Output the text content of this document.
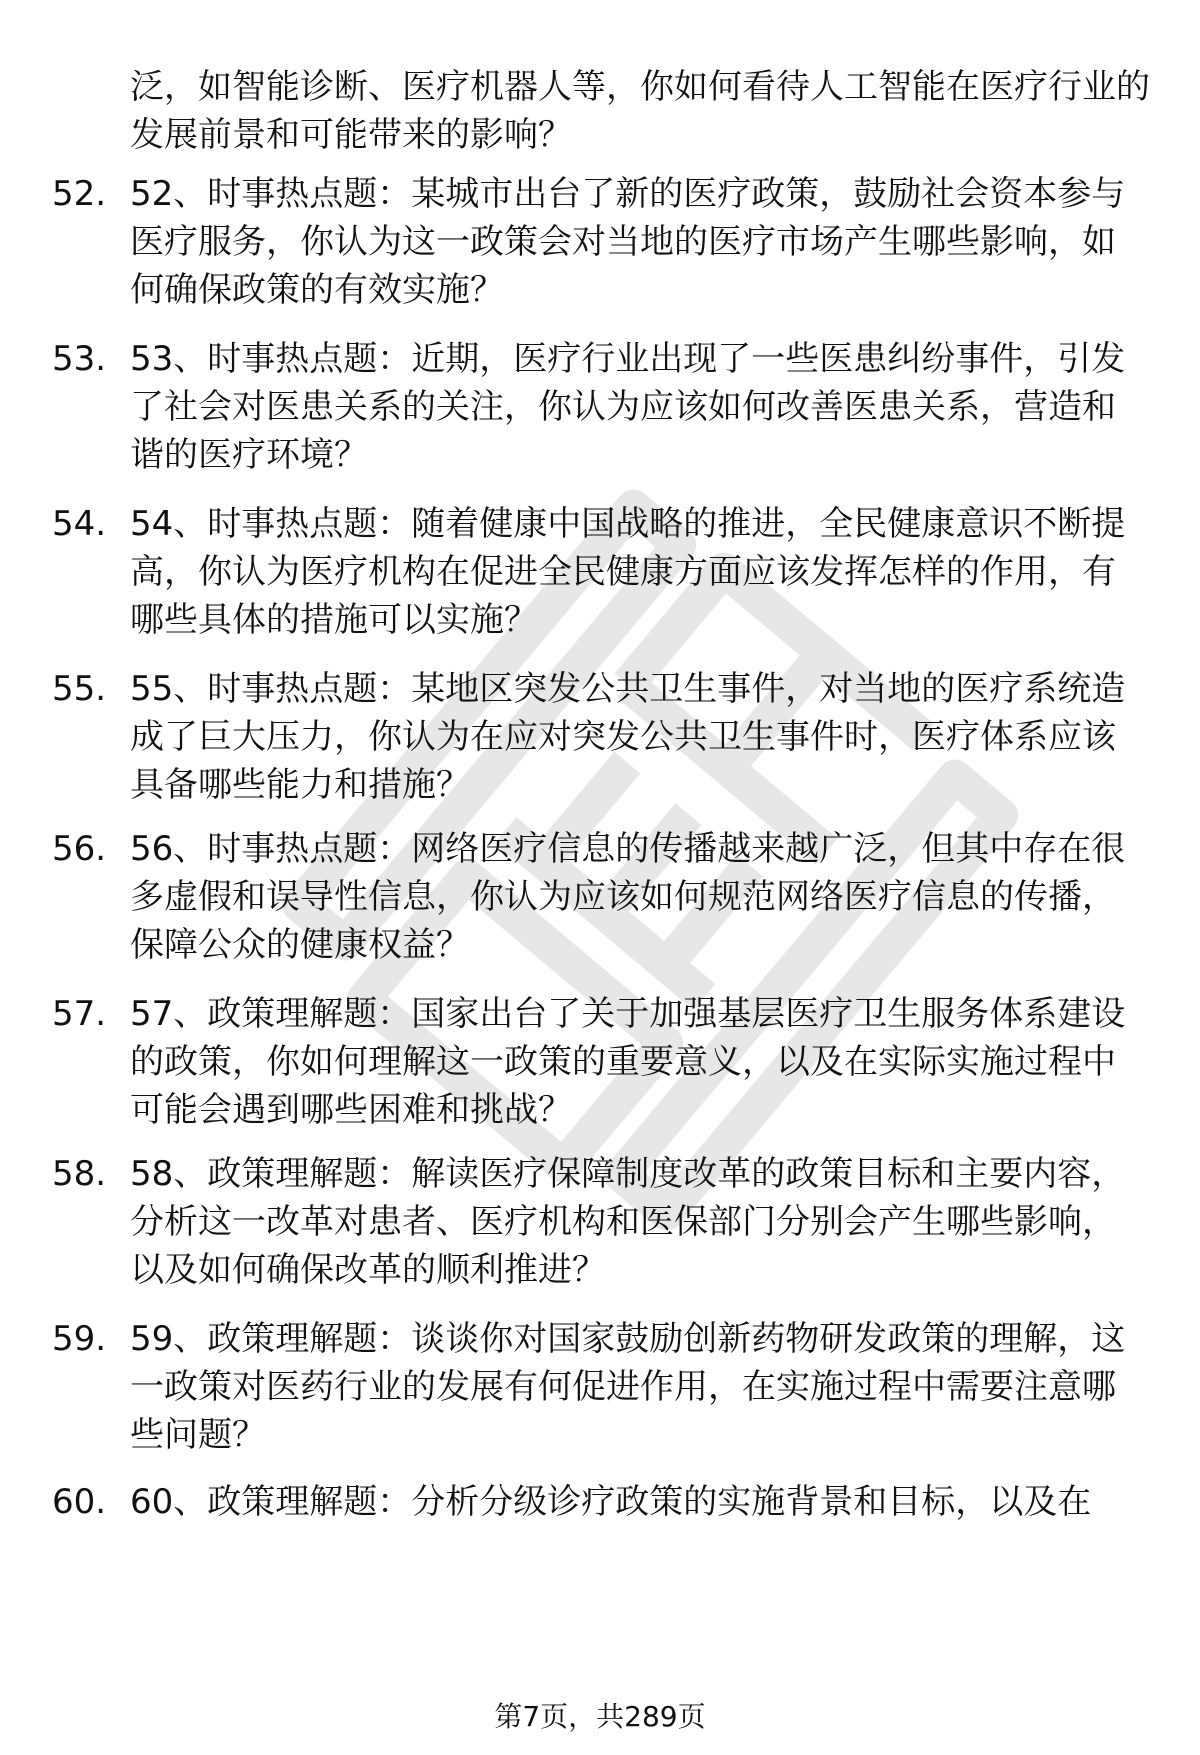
泛，如智能诊断、医疗机器人等，你如何看待人工智能在医疗行业的发展前景和可能带来的影响？

52. 52、时事热点题：某城市出台了新的医疗政策，鼓励社会资本参与医疗服务，你认为这一政策会对当地的医疗市场产生哪些影响，如何确保政策的有效实施？
53. 53、时事热点题：近期，医疗行业出现了一些医患纠纷事件，引发了社会对医患关系的关注，你认为应该如何改善医患关系，营造和谐的医疗环境？
54. 54、时事热点题：随着健康中国战略的推进，全民健康意识不断提高，你认为医疗机构在促进全民健康方面应该发挥怎样的作用，有哪些具体的措施可以实施？
55. 55、时事热点题：某地区突发公共卫生事件，对当地的医疗系统造成了巨大压力，你认为在应对突发公共卫生事件时，医疗体系应该具备哪些能力和措施？
56. 56、时事热点题：网络医疗信息的传播越来越广泛，但其中存在很多虚假和误导性信息，你认为应该如何规范网络医疗信息的传播，保障公众的健康权益？
57. 57、政策理解题：国家出台了关于加强基层医疗卫生服务体系建设的政策，你如何理解这一政策的重要意义，以及在实际实施过程中可能会遇到哪些困难和挑战？
58. 58、政策理解题：解读医疗保障制度改革的政策目标和主要内容，分析这一改革对患者、医疗机构和医保部门分别会产生哪些影响，以及如何确保改革的顺利推进？
59. 59、政策理解题：谈谈你对国家鼓励创新药物研发政策的理解，这一政策对医药行业的发展有何促进作用，在实施过程中需要注意哪些问题？
60. 60、政策理解题：分析分级诊疗政策的实施背景和目标，以及在
第7页，共289页
